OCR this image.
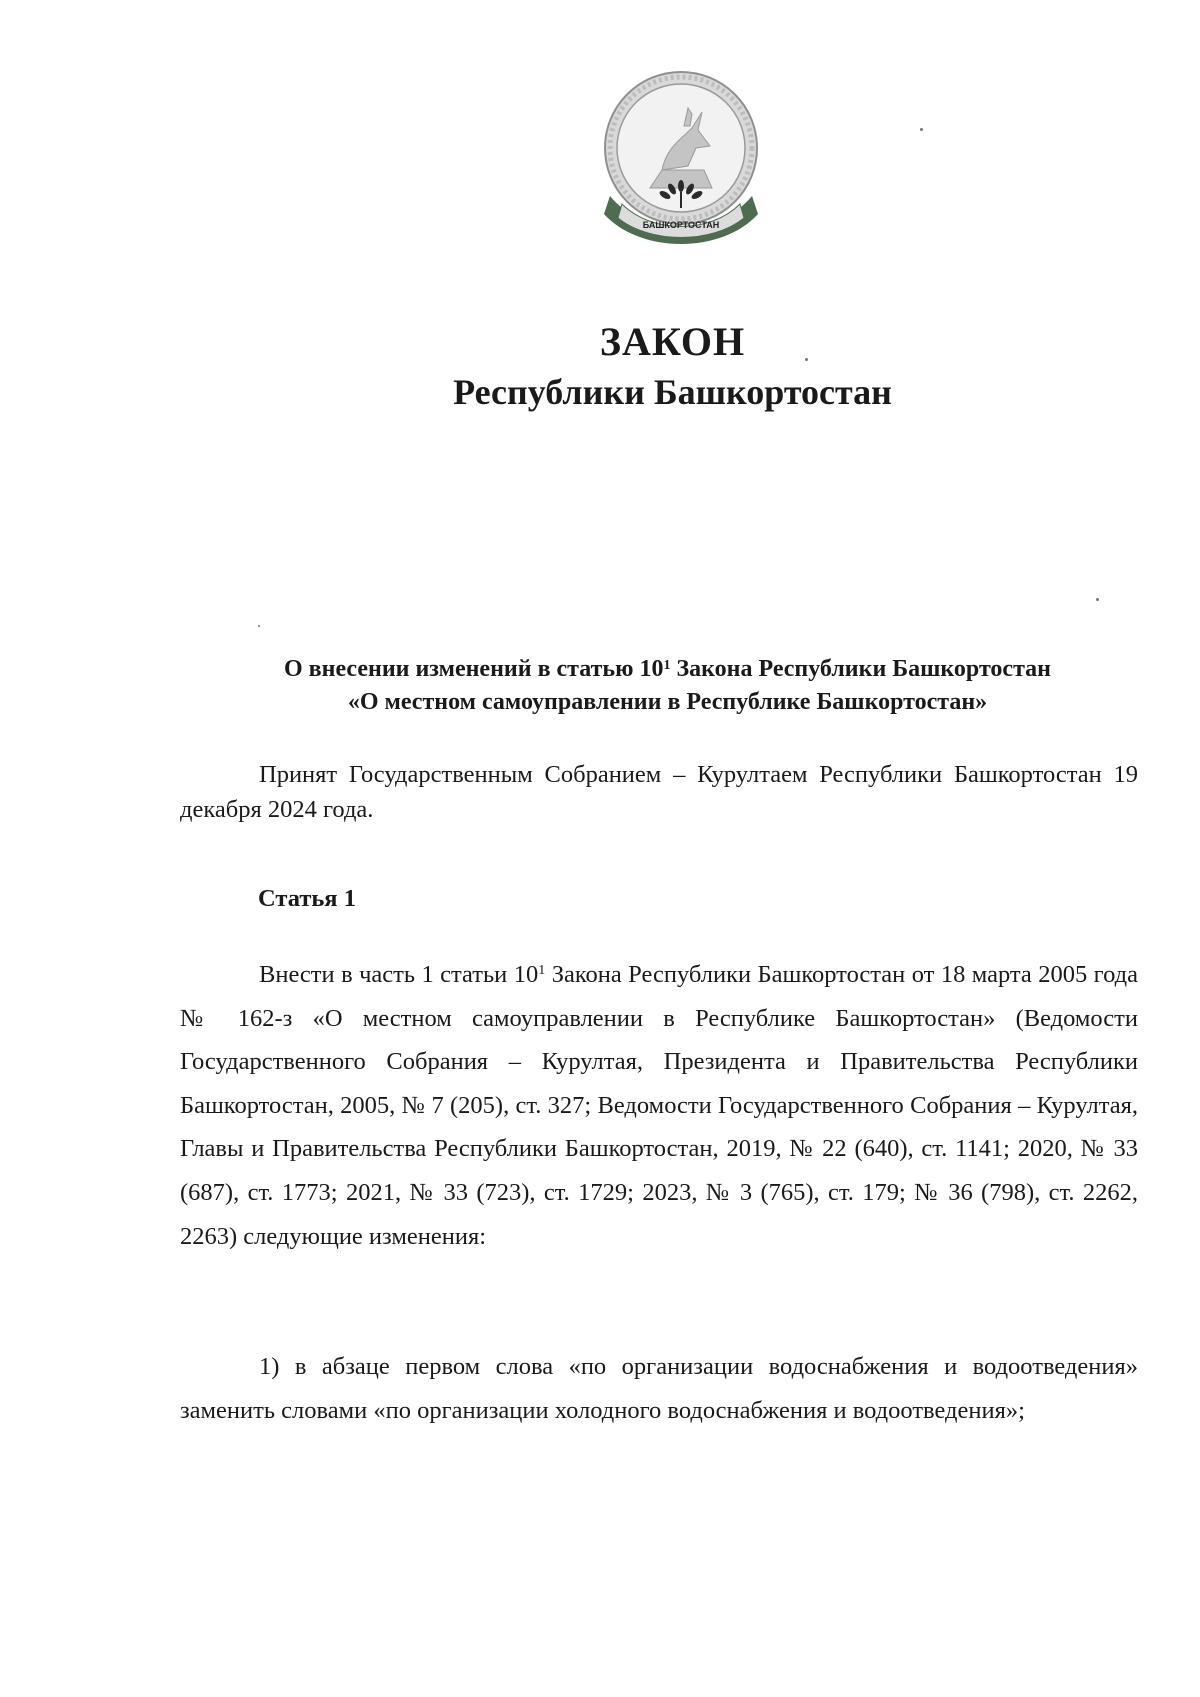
БАШКОРТОСТАН
ЗАКОН
Республики Башкортостан
О внесении изменений в статью $10^1$ Закона Республики Башкортостан
«О местном самоуправлении в Республике Башкортостан»
Принят Государственным Собранием – Курултаем Республики Башкортостан 19 декабря 2024 года.
Статья 1

Внести в часть 1 статьи $10^1$ Закона Республики Башкортостан от 18 марта 2005 года № 162-з «О местном самоуправлении в Республике Башкортостан» (Ведомости Государственного Собрания – Курултая, Президента и Правительства Республики Башкортостан, 2005, № 7 (205), ст. 327; Ведомости Государственного Собрания – Курултая, Главы и Правительства Республики Башкортостан, 2019, № 22 (640), ст. 1141; 2020, № 33 (687), ст. 1773; 2021, № 33 (723), ст. 1729; 2023, № 3 (765), ст. 179; № 36 (798), ст. 2262, 2263) следующие изменения:

1) в абзаце первом слова «по организации водоснабжения и водоотведения» заменить словами «по организации холодного водоснабжения и водоотведения»;
